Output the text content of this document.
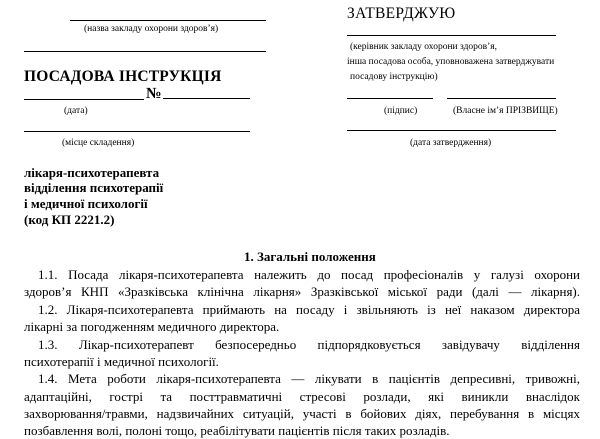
(назва закладу охорони здоров’я)
ПОСАДОВА ІНСТРУКЦІЯ
№
(дата)
(місце складення)
ЗАТВЕРДЖУЮ
(керівник закладу охорони здоров’я,
інша посадова особа, уповноважена затверджувати
посадову інструкцію)
(підпис)	(Власне ім’я ПРІЗВИЩЕ)
(дата затвердження)
лікаря-психотерапевта
відділення психотерапії
і медичної психології
(код КП 2221.2)
1. Загальні положення
1.1. Посада лікаря-психотерапевта належить до посад професіоналів у галузі охорони
здоров’я КНП «Зразківська клінічна лікарня» Зразківської міської ради (далі — лікарня).
1.2. Лікаря-психотерапевта приймають на посаду і звільняють із неї наказом директора
лікарні за погодженням медичного директора.
1.3. Лікар-психотерапевт безпосередньо підпорядковується завідувачу відділення
психотерапії і медичної психології.
1.4. Мета роботи лікаря-психотерапевта — лікувати в пацієнтів депресивні, тривожні,
адаптаційні, гострі та посттравматичні стресові розлади, які виникли внаслідок
захворювання/травми, надзвичайних ситуацій, участі в бойових діях, перебування в місцях
позбавлення волі, полоні тощо, реабілітувати пацієнтів після таких розладів.
